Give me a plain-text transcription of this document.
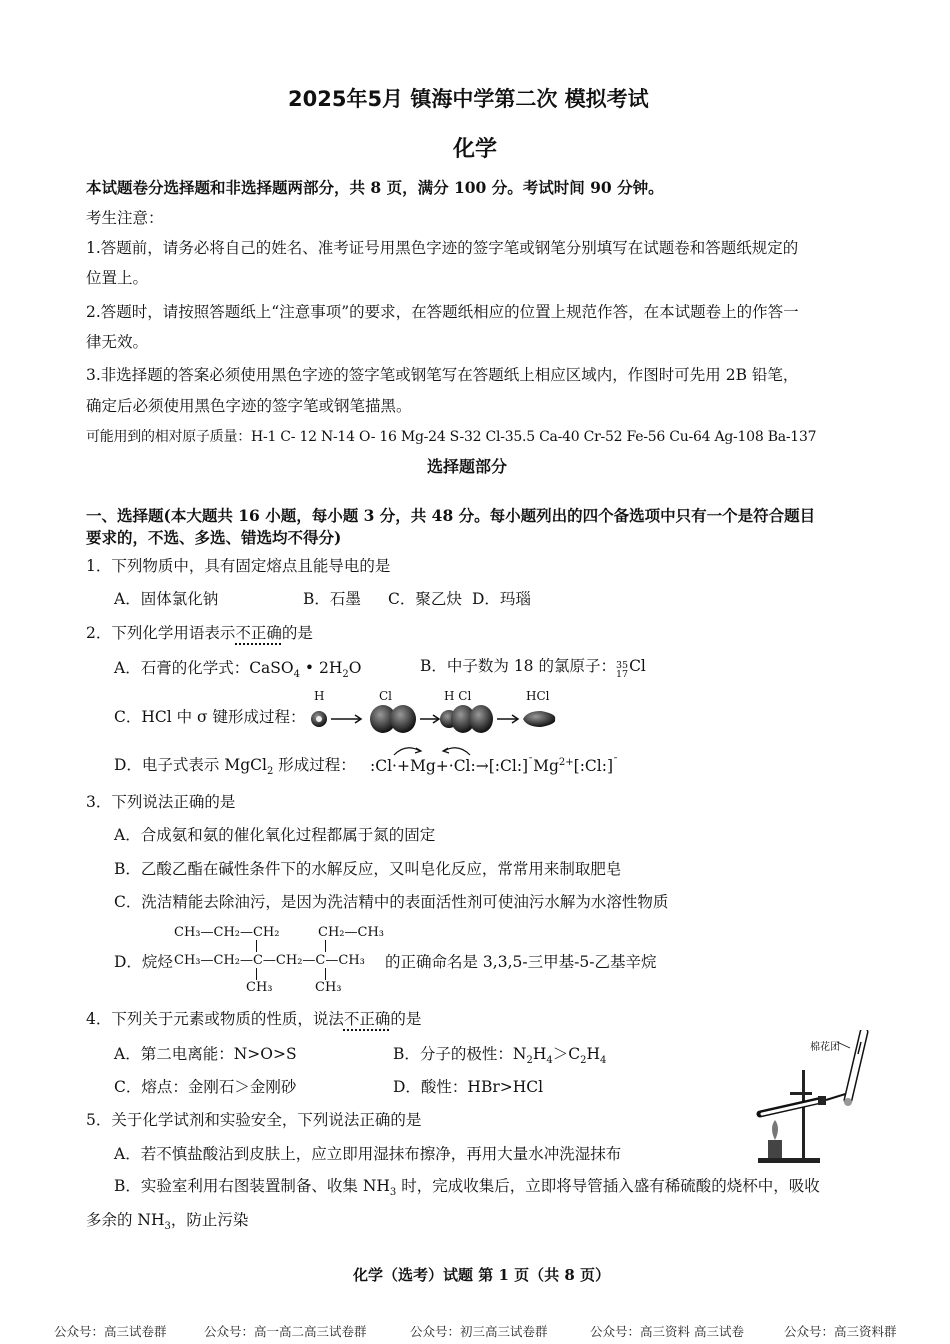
2025年5月 镇海中学第二次 模拟考试
化学
本试题卷分选择题和非选择题两部分，共 8 页，满分 100 分。考试时间 90 分钟。
考生注意：
1.答题前，请务必将自己的姓名、准考证号用黑色字迹的签字笔或钢笔分别填写在试题卷和答题纸规定的
位置上。
2.答题时，请按照答题纸上“注意事项”的要求，在答题纸相应的位置上规范作答，在本试题卷上的作答一
律无效。
3.非选择题的答案必须使用黑色字迹的签字笔或钢笔写在答题纸上相应区域内，作图时可先用 2B 铅笔，
确定后必须使用黑色字迹的签字笔或钢笔描黑。
可能用到的相对原子质量：H-1 C- 12 N-14 O- 16 Mg-24 S-32 Cl-35.5 Ca-40 Cr-52 Fe-56 Cu-64 Ag-108 Ba-137
选择题部分
一、选择题(本大题共 16 小题，每小题 3 分，共 48 分。每小题列出的四个备选项中只有一个是符合题目
要求的，不选、多选、错选均不得分)
1．下列物质中，具有固定熔点且能导电的是
A．固体氯化钠	B．石墨 C．聚乙炔 D．玛瑙
2．下列化学用语表示不正确的是
A．石膏的化学式：CaSO$_4$ • $2H_2O$	B．中子数为 18 的氯原子：35
17Cl
C．HCl 中 σ 键形成过程：
H	Cl	H Cl	HCl
D．电子式表示 MgCl$_2$ 形成过程： $:Cl\cdot+Mg+\cdot Cl:\to[:Cl:]^¯Mg^{2+}[:Cl:]^¯$
3．下列说法正确的是
A．合成氨和氨的催化氧化过程都属于氮的固定
B．乙酸乙酯在碱性条件下的水解反应，又叫皂化反应，常常用来制取肥皂
C．洗洁精能去除油污，是因为洗洁精中的表面活性剂可使油污水解为水溶性物质
D．烷烃
CH₃—CH₂—CH₂	CH₂—CH₃
CH₃—CH₂—C—CH₂—C—CH₃
CH₃	CH₃
的正确命名是 3,3,5-三甲基-5-乙基辛烷
4．下列关于元素或物质的性质，说法不正确的是
A．第二电离能：N>O>S	B．分子的极性：$N_2H_4>C_2H_4$
C．熔点：金刚石＞金刚砂	D．酸性：HBr>HCl
5．关于化学试剂和实验安全，下列说法正确的是
A．若不慎盐酸沾到皮肤上，应立即用湿抹布擦净，再用大量水冲洗湿抹布
B．实验室利用右图装置制备、收集 $NH_3$ 时，完成收集后，立即将导管插入盛有稀硫酸的烧杯中，吸收
多余的 $NH_3$，防止污染
棉花团
化学（选考）试题 第 1 页（共 8 页）
公众号：高三试卷群	公众号：高一高二高三试卷群	公众号：初三高三试卷群	公众号：高三资料 高三试卷	公众号：高三资料群
